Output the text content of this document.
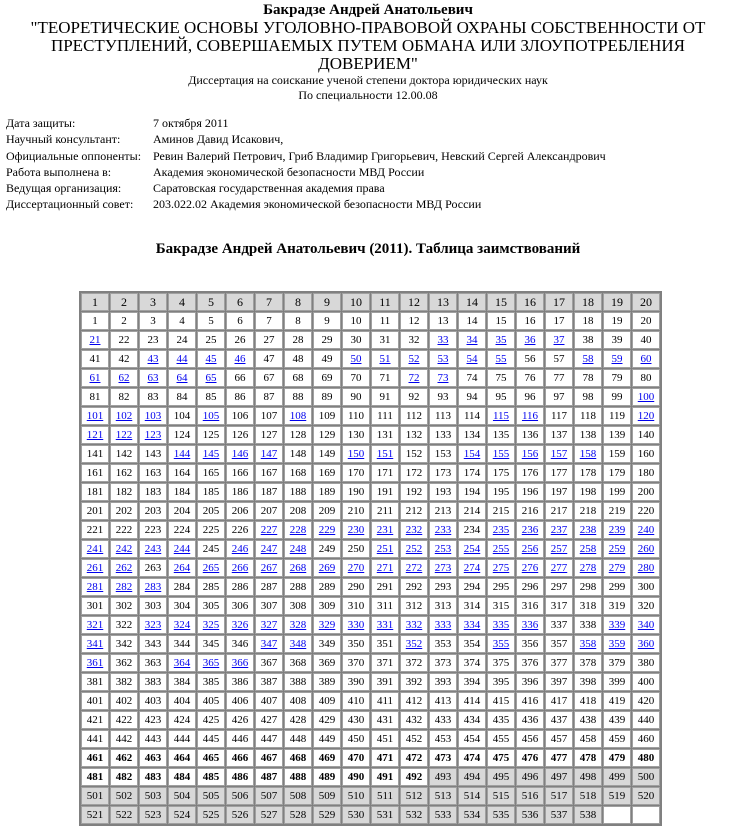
Бакрадзе Андрей Анатольевич
"ТЕОРЕТИЧЕСКИЕ ОСНОВЫ УГОЛОВНО-ПРАВОВОЙ ОХРАНЫ СОБСТВЕННОСТИ ОТ
ПРЕСТУПЛЕНИЙ, СОВЕРШАЕМЫХ ПУТЕМ ОБМАНА ИЛИ ЗЛОУПОТРЕБЛЕНИЯ ДОВЕРИЕМ"
Диссертация на соискание ученой степени доктора юридических наук
По специальности 12.00.08
Дата защиты:	7 октября 2011
Научный консультант:	Аминов Давид Исакович,
Официальные оппоненты: Ревин Валерий Петрович, Гриб Владимир Григорьевич, Невский Сергей Александрович
Работа выполнена в:	Академия экономической безопасности МВД России
Ведущая организация:	Саратовская государственная академия права
Диссертационный совет:	203.022.02 Академия экономической безопасности МВД России
Бакрадзе Андрей Анатольевич (2011). Таблица заимствований
1	2	3	4	5	6	7	8	9	10	11	12	13	14	15	16	17	18	19	20
1	2	3	4	5	6	7	8	9	10	11	12	13	14	15	16	17	18	19	20
21	22	23	24	25	26	27	28	29	30	31	32	33	34	35	36	37	38	39	40
41	42	43	44	45	46	47	48	49	50	51	52	53	54	55	56	57	58	59	60
61	62	63	64	65	66	67	68	69	70	71	72	73	74	75	76	77	78	79	80
81	82	83	84	85	86	87	88	89	90	91	92	93	94	95	96	97	98	99	100
101	102	103	104	105	106	107	108	109	110	111	112	113	114	115	116	117	118	119	120
121	122	123	124	125	126	127	128	129	130	131	132	133	134	135	136	137	138	139	140
141	142	143	144	145	146	147	148	149	150	151	152	153	154	155	156	157	158	159	160
161	162	163	164	165	166	167	168	169	170	171	172	173	174	175	176	177	178	179	180
181	182	183	184	185	186	187	188	189	190	191	192	193	194	195	196	197	198	199	200
201	202	203	204	205	206	207	208	209	210	211	212	213	214	215	216	217	218	219	220
221	222	223	224	225	226	227	228	229	230	231	232	233	234	235	236	237	238	239	240
241	242	243	244	245	246	247	248	249	250	251	252	253	254	255	256	257	258	259	260
261	262	263	264	265	266	267	268	269	270	271	272	273	274	275	276	277	278	279	280
281	282	283	284	285	286	287	288	289	290	291	292	293	294	295	296	297	298	299	300
301	302	303	304	305	306	307	308	309	310	311	312	313	314	315	316	317	318	319	320
321	322	323	324	325	326	327	328	329	330	331	332	333	334	335	336	337	338	339	340
341	342	343	344	345	346	347	348	349	350	351	352	353	354	355	356	357	358	359	360
361	362	363	364	365	366	367	368	369	370	371	372	373	374	375	376	377	378	379	380
381	382	383	384	385	386	387	388	389	390	391	392	393	394	395	396	397	398	399	400
401	402	403	404	405	406	407	408	409	410	411	412	413	414	415	416	417	418	419	420
421	422	423	424	425	426	427	428	429	430	431	432	433	434	435	436	437	438	439	440
441	442	443	444	445	446	447	448	449	450	451	452	453	454	455	456	457	458	459	460
461	462	463	464	465	466	467	468	469	470	471	472	473	474	475	476	477	478	479	480
481	482	483	484	485	486	487	488	489	490	491	492	493	494	495	496	497	498	499	500
501	502	503	504	505	506	507	508	509	510	511	512	513	514	515	516	517	518	519	520
521	522	523	524	525	526	527	528	529	530	531	532	533	534	535	536	537	538		
